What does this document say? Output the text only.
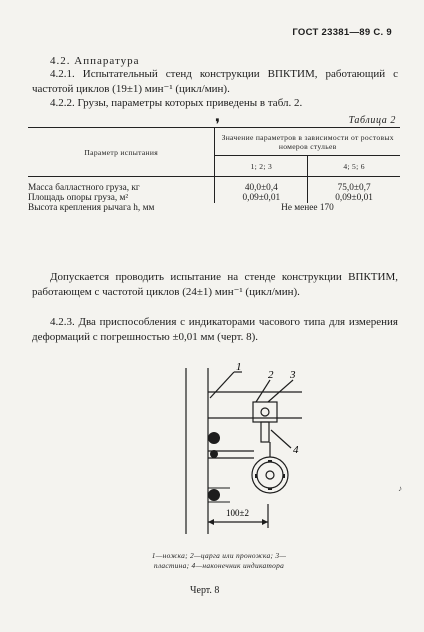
ГОСТ 23381—89 С. 9
4.2. Аппаратура
4.2.1. Испытательный стенд конструкции ВПКТИМ, работающий с частотой циклов (19±1) мин⁻¹ (цикл/мин).
4.2.2. Грузы, параметры которых приведены в табл. 2.
❜	Таблица 2
Параметр испытания	Значение параметров в зависимости от ростовых номеров стульев	
	1; 2; 3	4; 5; 6
Масса балластного груза, кг	40,0±0,4	75,0±0,7
Площадь опоры груза, м²	0,09±0,01	0,09±0,01
Высота крепления рычага h, мм	Не менее 170	
Допускается проводить испытание на стенде конструкции ВПКТИМ, работающем с частотой циклов (24±1) мин⁻¹ (цикл/мин).
4.2.3. Два приспособления с индикаторами часового типа для измерения деформаций с погрешностью ±0,01 мм (черт. 8).
1
2 3
4
100±2
1—ножка; 2—царга или проножка; 3—пластина; 4—наконечник индикатора
Черт. 8
♪
